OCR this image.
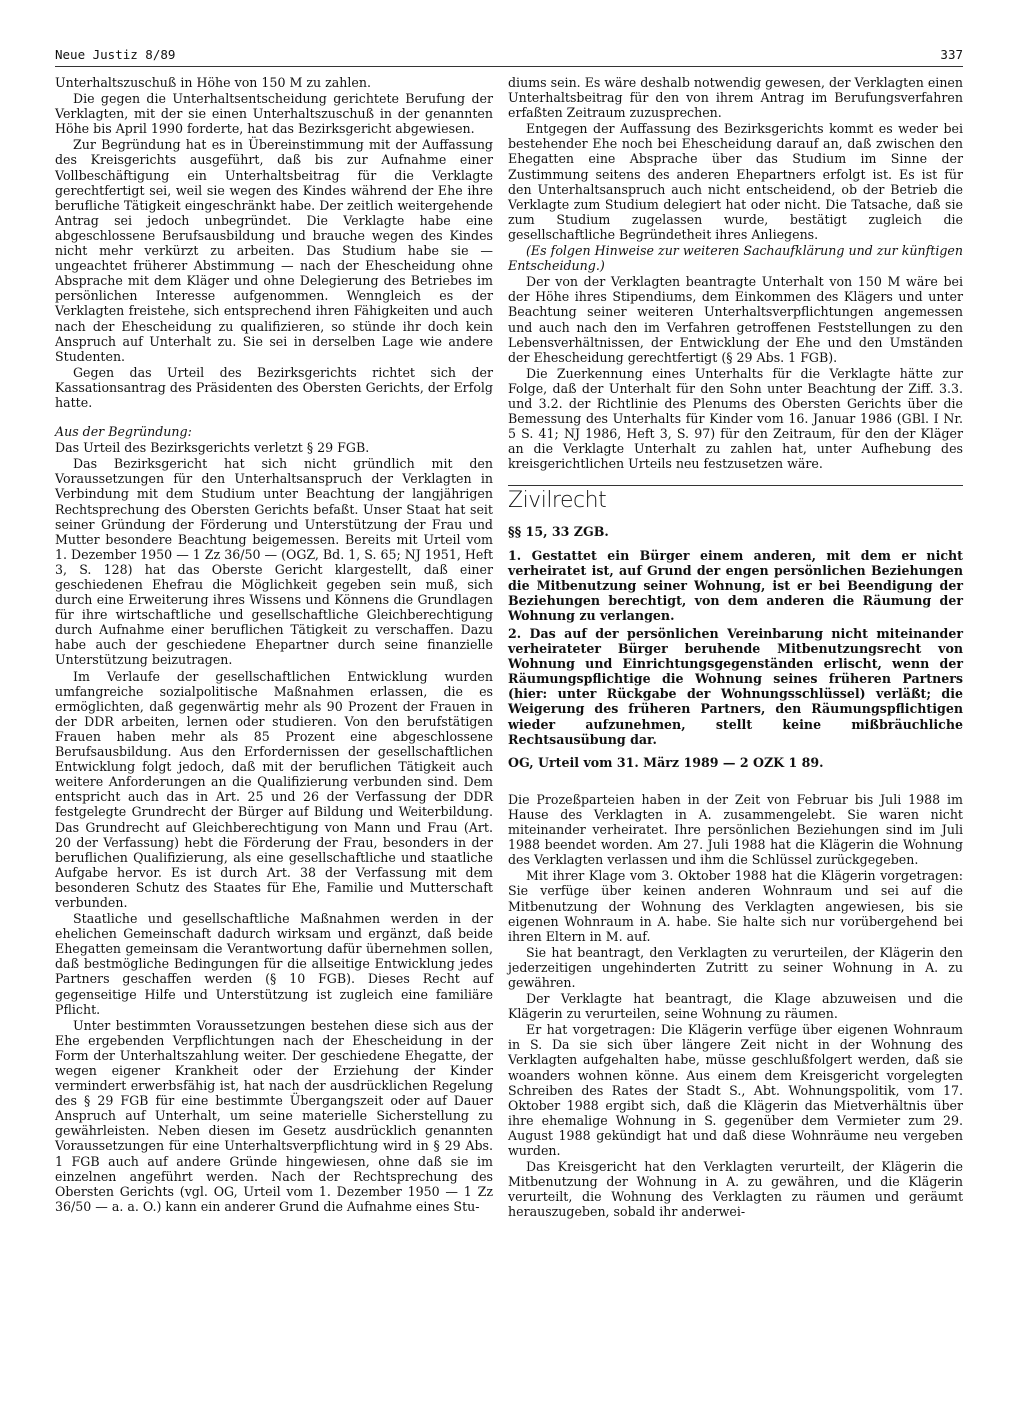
Neue Justiz 8/89	337

Unterhaltszuschuß in Höhe von 150 M zu zahlen.

Die gegen die Unterhaltsentscheidung gerichtete Berufung der Verklagten, mit der sie einen Unterhaltszuschuß in der genannten Höhe bis April 1990 forderte, hat das Bezirksgericht abgewiesen.

Zur Begründung hat es in Übereinstimmung mit der Auffassung des Kreisgerichts ausgeführt, daß bis zur Aufnahme einer Vollbeschäftigung ein Unterhaltsbeitrag für die Verklagte gerechtfertigt sei, weil sie wegen des Kindes während der Ehe ihre berufliche Tätigkeit eingeschränkt habe. Der zeitlich weitergehende Antrag sei jedoch unbegründet. Die Verklagte habe eine abgeschlossene Berufsausbildung und brauche wegen des Kindes nicht mehr verkürzt zu arbeiten. Das Studium habe sie — ungeachtet früherer Abstimmung — nach der Ehescheidung ohne Absprache mit dem Kläger und ohne Delegierung des Betriebes im persönlichen Interesse aufgenommen. Wenngleich es der Verklagten freistehe, sich entsprechend ihren Fähigkeiten und auch nach der Ehescheidung zu qualifizieren, so stünde ihr doch kein Anspruch auf Unterhalt zu. Sie sei in derselben Lage wie andere Studenten.

Gegen das Urteil des Bezirksgerichts richtet sich der Kassationsantrag des Präsidenten des Obersten Gerichts, der Erfolg hatte.

Aus der Begründung:

Das Urteil des Bezirksgerichts verletzt § 29 FGB.

Das Bezirksgericht hat sich nicht gründlich mit den Voraussetzungen für den Unterhaltsanspruch der Verklagten in Verbindung mit dem Studium unter Beachtung der langjährigen Rechtsprechung des Obersten Gerichts befaßt. Unser Staat hat seit seiner Gründung der Förderung und Unterstützung der Frau und Mutter besondere Beachtung beigemessen. Bereits mit Urteil vom 1. Dezember 1950 — 1 Zz 36/50 — (OGZ, Bd. 1, S. 65; NJ 1951, Heft 3, S. 128) hat das Oberste Gericht klargestellt, daß einer geschiedenen Ehefrau die Möglichkeit gegeben sein muß, sich durch eine Erweiterung ihres Wissens und Könnens die Grundlagen für ihre wirtschaftliche und gesellschaftliche Gleichberechtigung durch Aufnahme einer beruflichen Tätigkeit zu verschaffen. Dazu habe auch der geschiedene Ehepartner durch seine finanzielle Unterstützung beizutragen.

Im Verlaufe der gesellschaftlichen Entwicklung wurden umfangreiche sozialpolitische Maßnahmen erlassen, die es ermöglichten, daß gegenwärtig mehr als 90 Prozent der Frauen in der DDR arbeiten, lernen oder studieren. Von den berufstätigen Frauen haben mehr als 85 Prozent eine abgeschlossene Berufsausbildung. Aus den Erfordernissen der gesellschaftlichen Entwicklung folgt jedoch, daß mit der beruflichen Tätigkeit auch weitere Anforderungen an die Qualifizierung verbunden sind. Dem entspricht auch das in Art. 25 und 26 der Verfassung der DDR festgelegte Grundrecht der Bürger auf Bildung und Weiterbildung. Das Grundrecht auf Gleichberechtigung von Mann und Frau (Art. 20 der Verfassung) hebt die Förderung der Frau, besonders in der beruflichen Qualifizierung, als eine gesellschaftliche und staatliche Aufgabe hervor. Es ist durch Art. 38 der Verfassung mit dem besonderen Schutz des Staates für Ehe, Familie und Mutterschaft verbunden.

Staatliche und gesellschaftliche Maßnahmen werden in der ehelichen Gemeinschaft dadurch wirksam und ergänzt, daß beide Ehegatten gemeinsam die Verantwortung dafür übernehmen sollen, daß bestmögliche Bedingungen für die allseitige Entwicklung jedes Partners geschaffen werden (§ 10 FGB). Dieses Recht auf gegenseitige Hilfe und Unterstützung ist zugleich eine familiäre Pflicht.

Unter bestimmten Voraussetzungen bestehen diese sich aus der Ehe ergebenden Verpflichtungen nach der Ehescheidung in der Form der Unterhaltszahlung weiter. Der geschiedene Ehegatte, der wegen eigener Krankheit oder der Erziehung der Kinder vermindert erwerbsfähig ist, hat nach der ausdrücklichen Regelung des § 29 FGB für eine bestimmte Übergangszeit oder auf Dauer Anspruch auf Unterhalt, um seine materielle Sicherstellung zu gewährleisten. Neben diesen im Gesetz ausdrücklich genannten Voraussetzungen für eine Unterhaltsverpflichtung wird in § 29 Abs. 1 FGB auch auf andere Gründe hingewiesen, ohne daß sie im einzelnen angeführt werden. Nach der Rechtsprechung des Obersten Gerichts (vgl. OG, Urteil vom 1. Dezember 1950 — 1 Zz 36/50 — a. a. O.) kann ein anderer Grund die Aufnahme eines Stu-

diums sein. Es wäre deshalb notwendig gewesen, der Verklagten einen Unterhaltsbeitrag für den von ihrem Antrag im Berufungsverfahren erfaßten Zeitraum zuzusprechen.

Entgegen der Auffassung des Bezirksgerichts kommt es weder bei bestehender Ehe noch bei Ehescheidung darauf an, daß zwischen den Ehegatten eine Absprache über das Studium im Sinne der Zustimmung seitens des anderen Ehepartners erfolgt ist. Es ist für den Unterhaltsanspruch auch nicht entscheidend, ob der Betrieb die Verklagte zum Studium delegiert hat oder nicht. Die Tatsache, daß sie zum Studium zugelassen wurde, bestätigt zugleich die gesellschaftliche Begründetheit ihres Anliegens.

(Es folgen Hinweise zur weiteren Sachaufklärung und zur künftigen Entscheidung.)

Der von der Verklagten beantragte Unterhalt von 150 M wäre bei der Höhe ihres Stipendiums, dem Einkommen des Klägers und unter Beachtung seiner weiteren Unterhaltsverpflichtungen angemessen und auch nach den im Verfahren getroffenen Feststellungen zu den Lebensverhältnissen, der Entwicklung der Ehe und den Umständen der Ehescheidung gerechtfertigt (§ 29 Abs. 1 FGB).

Die Zuerkennung eines Unterhalts für die Verklagte hätte zur Folge, daß der Unterhalt für den Sohn unter Beachtung der Ziff. 3.3. und 3.2. der Richtlinie des Plenums des Obersten Gerichts über die Bemessung des Unterhalts für Kinder vom 16. Januar 1986 (GBl. I Nr. 5 S. 41; NJ 1986, Heft 3, S. 97) für den Zeitraum, für den der Kläger an die Verklagte Unterhalt zu zahlen hat, unter Aufhebung des kreisgerichtlichen Urteils neu festzusetzen wäre.

Zivilrecht

§§ 15, 33 ZGB.

1. Gestattet ein Bürger einem anderen, mit dem er nicht verheiratet ist, auf Grund der engen persönlichen Beziehungen die Mitbenutzung seiner Wohnung, ist er bei Beendigung der Beziehungen berechtigt, von dem anderen die Räumung der Wohnung zu verlangen.

2. Das auf der persönlichen Vereinbarung nicht miteinander verheirateter Bürger beruhende Mitbenutzungsrecht von Wohnung und Einrichtungsgegenständen erlischt, wenn der Räumungspflichtige die Wohnung seines früheren Partners (hier: unter Rückgabe der Wohnungsschlüssel) verläßt; die Weigerung des früheren Partners, den Räumungspflichtigen wieder aufzunehmen, stellt keine mißbräuchliche Rechtsausübung dar.

OG, Urteil vom 31. März 1989 — 2 OZK 1 89.

Die Prozeßparteien haben in der Zeit von Februar bis Juli 1988 im Hause des Verklagten in A. zusammengelebt. Sie waren nicht miteinander verheiratet. Ihre persönlichen Beziehungen sind im Juli 1988 beendet worden. Am 27. Juli 1988 hat die Klägerin die Wohnung des Verklagten verlassen und ihm die Schlüssel zurückgegeben.

Mit ihrer Klage vom 3. Oktober 1988 hat die Klägerin vorgetragen: Sie verfüge über keinen anderen Wohnraum und sei auf die Mitbenutzung der Wohnung des Verklagten angewiesen, bis sie eigenen Wohnraum in A. habe. Sie halte sich nur vorübergehend bei ihren Eltern in M. auf.

Sie hat beantragt, den Verklagten zu verurteilen, der Klägerin den jederzeitigen ungehinderten Zutritt zu seiner Wohnung in A. zu gewähren.

Der Verklagte hat beantragt, die Klage abzuweisen und die Klägerin zu verurteilen, seine Wohnung zu räumen.

Er hat vorgetragen: Die Klägerin verfüge über eigenen Wohnraum in S. Da sie sich über längere Zeit nicht in der Wohnung des Verklagten aufgehalten habe, müsse geschlußfolgert werden, daß sie woanders wohnen könne. Aus einem dem Kreisgericht vorgelegten Schreiben des Rates der Stadt S., Abt. Wohnungspolitik, vom 17. Oktober 1988 ergibt sich, daß die Klägerin das Mietverhältnis über ihre ehemalige Wohnung in S. gegenüber dem Vermieter zum 29. August 1988 gekündigt hat und daß diese Wohnräume neu vergeben wurden.

Das Kreisgericht hat den Verklagten verurteilt, der Klägerin die Mitbenutzung der Wohnung in A. zu gewähren, und die Klägerin verurteilt, die Wohnung des Verklagten zu räumen und geräumt herauszugeben, sobald ihr anderwei-
